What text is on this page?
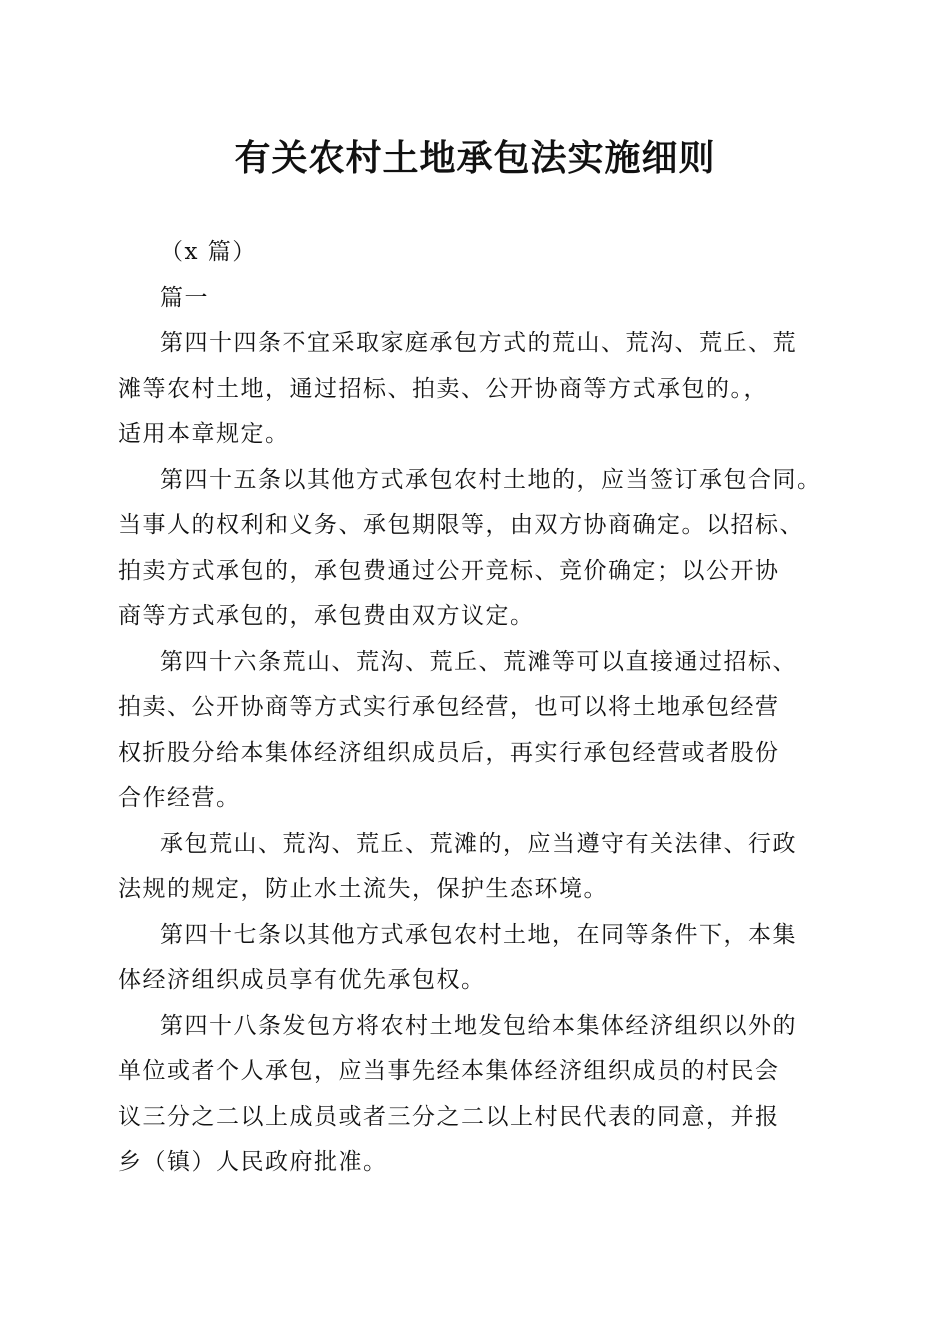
有关农村土地承包法实施细则

（x 篇）

篇一

第四十四条不宜采取家庭承包方式的荒山、荒沟、荒丘、荒

滩等农村土地，通过招标、拍卖、公开协商等方式承包的。，

适用本章规定。

第四十五条以其他方式承包农村土地的，应当签订承包合同。

当事人的权利和义务、承包期限等，由双方协商确定。以招标、

拍卖方式承包的，承包费通过公开竞标、竞价确定；以公开协

商等方式承包的，承包费由双方议定。

第四十六条荒山、荒沟、荒丘、荒滩等可以直接通过招标、

拍卖、公开协商等方式实行承包经营，也可以将土地承包经营

权折股分给本集体经济组织成员后，再实行承包经营或者股份

合作经营。

承包荒山、荒沟、荒丘、荒滩的，应当遵守有关法律、行政

法规的规定，防止水土流失，保护生态环境。

第四十七条以其他方式承包农村土地，在同等条件下，本集

体经济组织成员享有优先承包权。

第四十八条发包方将农村土地发包给本集体经济组织以外的

单位或者个人承包，应当事先经本集体经济组织成员的村民会

议三分之二以上成员或者三分之二以上村民代表的同意，并报

乡（镇）人民政府批准。
